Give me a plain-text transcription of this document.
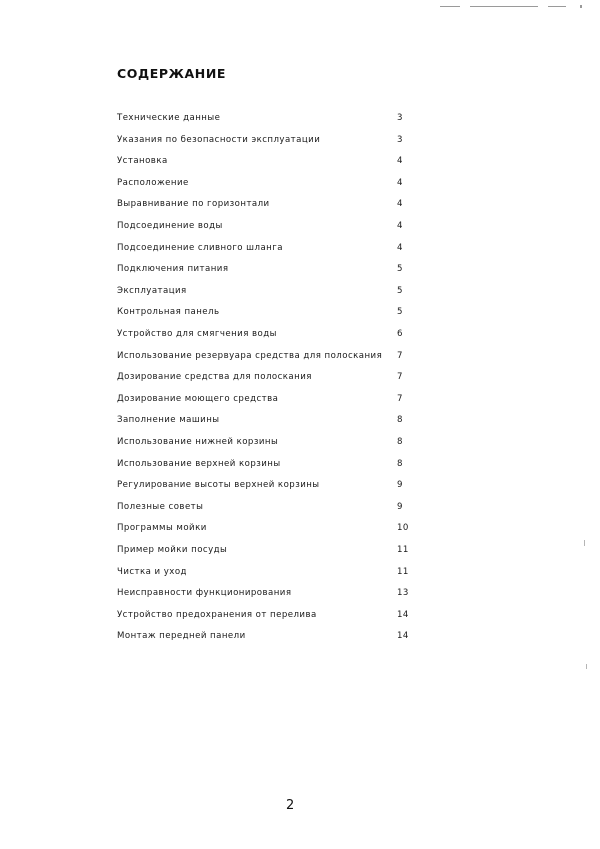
СОДЕРЖАНИЕ
Технические данные	3
Указания по безопасности эксплуатации	3
Установка	4
Расположение	4
Выравнивание по горизонтали	4
Подсоединение воды	4
Подсоединение сливного шланга	4
Подключения питания	5
Эксплуатация	5
Контрольная панель	5
Устройство для смягчения воды	6
Использование резервуара средства для полоскания 7
Дозирование средства для полоскания	7
Дозирование моющего средства	7
Заполнение машины	8
Использование нижней корзины	8
Использование верхней корзины	8
Регулирование высоты верхней корзины	9
Полезные советы	9
Программы мойки	10
Пример мойки посуды	11
Чистка и уход	11
Неисправности функционирования	13
Устройство предохранения от перелива	14
Монтаж передней панели	14
2
